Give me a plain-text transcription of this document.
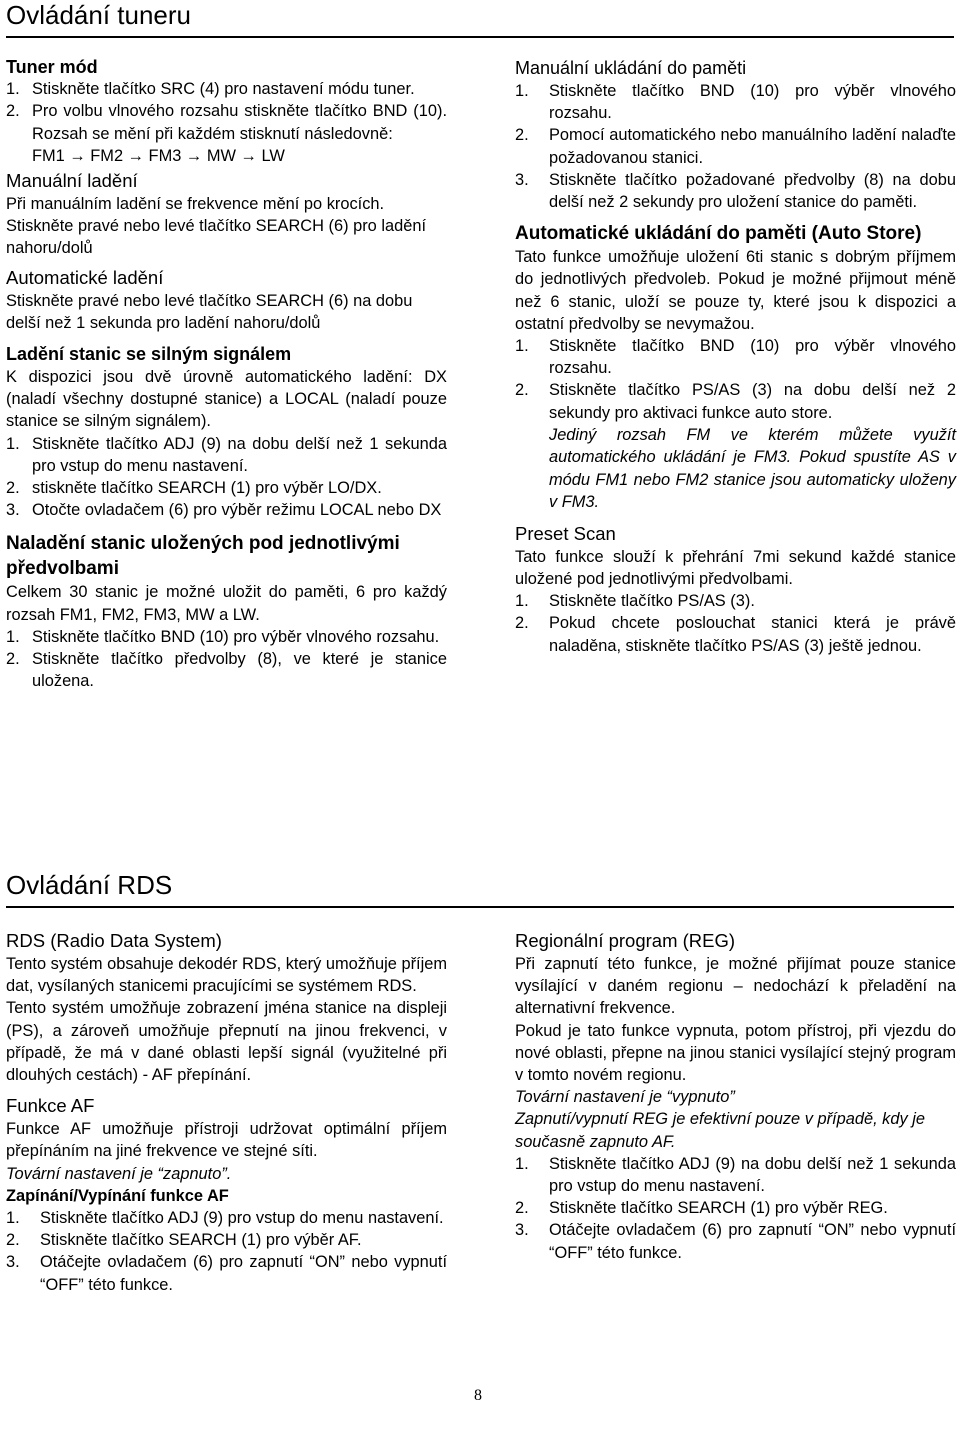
Ovládání tuneru

Tuner mód

1. Stiskněte tlačítko SRC (4) pro nastavení módu tuner.
2. Pro volbu vlnového rozsahu stiskněte tlačítko BND (10). Rozsah se mění při každém stisknutí následovně:

FM1 → FM2 → FM3 → MW → LW

Manuální ladění

Při manuálním ladění se frekvence mění po krocích.

Stiskněte pravé nebo levé tlačítko SEARCH (6) pro ladění nahoru/dolů

Automatické ladění

Stiskněte pravé nebo levé tlačítko SEARCH (6) na dobu delší než 1 sekunda pro ladění nahoru/dolů

Ladění stanic se silným signálem

K dispozici jsou dvě úrovně automatického ladění: DX (naladí všechny dostupné stanice) a LOCAL (naladí pouze stanice se silným signálem).

1. Stiskněte tlačítko ADJ (9) na dobu delší než 1 sekunda pro vstup do menu nastavení.
2. stiskněte tlačítko SEARCH (1) pro výběr LO/DX.
3. Otočte ovladačem (6) pro výběr režimu LOCAL nebo DX

Naladění stanic uložených pod jednotlivými předvolbami

Celkem 30 stanic je možné uložit do paměti, 6 pro každý rozsah FM1, FM2, FM3, MW a LW.

1. Stiskněte tlačítko BND (10) pro výběr vlnového rozsahu.
2. Stiskněte tlačítko předvolby (8), ve které je stanice uložena.

Manuální ukládání do paměti

1.	Stiskněte tlačítko BND (10) pro výběr vlnového rozsahu.
2.	Pomocí automatického nebo manuálního ladění nalaďte požadovanou stanici.
3.	Stiskněte tlačítko požadované předvolby (8) na dobu delší než 2 sekundy pro uložení stanice do paměti.

Automatické ukládání do paměti (Auto Store)

Tato funkce umožňuje uložení 6ti stanic s dobrým příjmem do jednotlivých předvoleb. Pokud je možné přijmout méně než 6 stanic, uloží se pouze ty, které jsou k dispozici a ostatní předvolby se nevymažou.

1.	Stiskněte tlačítko BND (10) pro výběr vlnového rozsahu.
2.	Stiskněte tlačítko PS/AS (3) na dobu delší než 2 sekundy pro aktivaci funkce auto store.

Jediný rozsah FM ve kterém můžete využít automatického ukládání je FM3. Pokud spustíte AS v módu FM1 nebo FM2 stanice jsou automaticky uloženy v FM3.

Preset Scan

Tato funkce slouží k přehrání 7mi sekund každé stanice uložené pod jednotlivými předvolbami.

1.	Stiskněte tlačítko PS/AS (3).
2.	Pokud chcete poslouchat stanici která je právě naladěna, stiskněte tlačítko PS/AS (3) ještě jednou.
Ovládání RDS

RDS (Radio Data System)

Tento systém obsahuje dekodér RDS, který umožňuje příjem dat, vysílaných stanicemi pracujícími se systémem RDS.

Tento systém umožňuje zobrazení jména stanice na displeji (PS), a zároveň umožňuje přepnutí na jinou frekvenci, v případě, že má v dané oblasti lepší signál (využitelné při dlouhých cestách) - AF přepínání.

Funkce AF

Funkce AF umožňuje přístroji udržovat optimální příjem přepínáním na jiné frekvence ve stejné síti.

Tovární nastavení je “zapnuto”.

Zapínání/Vypínání funkce AF

1.	Stiskněte tlačítko ADJ (9) pro vstup do menu nastavení.
2.	Stiskněte tlačítko SEARCH (1) pro výběr AF.
3.	Otáčejte ovladačem (6) pro zapnutí “ON” nebo vypnutí “OFF” této funkce.

Regionální program (REG)

Při zapnutí této funkce, je možné přijímat pouze stanice vysílající v daném regionu – nedochází k přeladění na alternativní frekvence.

Pokud je tato funkce vypnuta, potom přístroj, při vjezdu do nové oblasti, přepne na jinou stanici vysílající stejný program v tomto novém regionu.

Tovární nastavení je “vypnuto”

Zapnutí/vypnutí REG je efektivní pouze v případě, kdy je současně zapnuto AF.

1.	Stiskněte tlačítko ADJ (9) na dobu delší než 1 sekunda pro vstup do menu nastavení.
2.	Stiskněte tlačítko SEARCH (1) pro výběr REG.
3.	Otáčejte ovladačem (6) pro zapnutí “ON” nebo vypnutí “OFF” této funkce.
8
